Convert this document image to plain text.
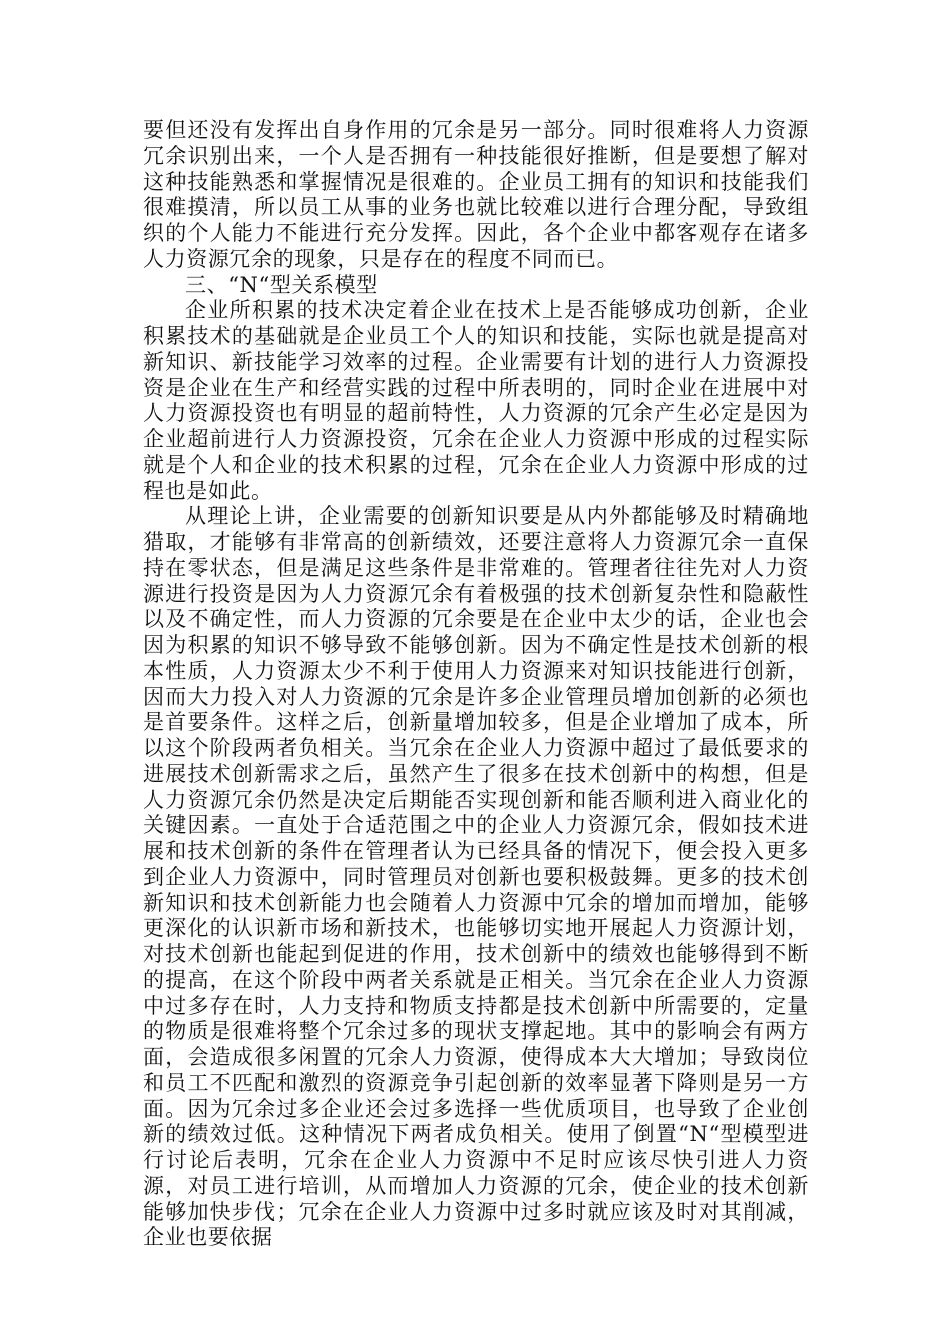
要但还没有发挥出自身作用的冗余是另一部分。同时很难将人力资源冗余识别出来，一个人是否拥有一种技能很好推断，但是要想了解对这种技能熟悉和掌握情况是很难的。企业员工拥有的知识和技能我们很难摸清，所以员工从事的业务也就比较难以进行合理分配，导致组织的个人能力不能进行充分发挥。因此，各个企业中都客观存在诸多人力资源冗余的现象，只是存在的程度不同而已。

三、“N“型关系模型

企业所积累的技术决定着企业在技术上是否能够成功创新，企业积累技术的基础就是企业员工个人的知识和技能，实际也就是提高对新知识、新技能学习效率的过程。企业需要有计划的进行人力资源投资是企业在生产和经营实践的过程中所表明的，同时企业在进展中对人力资源投资也有明显的超前特性，人力资源的冗余产生必定是因为企业超前进行人力资源投资，冗余在企业人力资源中形成的过程实际就是个人和企业的技术积累的过程，冗余在企业人力资源中形成的过程也是如此。

从理论上讲，企业需要的创新知识要是从内外都能够及时精确地猎取，才能够有非常高的创新绩效，还要注意将人力资源冗余一直保持在零状态，但是满足这些条件是非常难的。管理者往往先对人力资源进行投资是因为人力资源冗余有着极强的技术创新复杂性和隐蔽性以及不确定性，而人力资源的冗余要是在企业中太少的话，企业也会因为积累的知识不够导致不能够创新。因为不确定性是技术创新的根本性质，人力资源太少不利于使用人力资源来对知识技能进行创新，因而大力投入对人力资源的冗余是许多企业管理员增加创新的必须也是首要条件。这样之后，创新量增加较多，但是企业增加了成本，所以这个阶段两者负相关。当冗余在企业人力资源中超过了最低要求的进展技术创新需求之后，虽然产生了很多在技术创新中的构想，但是人力资源冗余仍然是决定后期能否实现创新和能否顺利进入商业化的关键因素。一直处于合适范围之中的企业人力资源冗余，假如技术进展和技术创新的条件在管理者认为已经具备的情况下，便会投入更多到企业人力资源中，同时管理员对创新也要积极鼓舞。更多的技术创新知识和技术创新能力也会随着人力资源中冗余的增加而增加，能够更深化的认识新市场和新技术，也能够切实地开展起人力资源计划，对技术创新也能起到促进的作用，技术创新中的绩效也能够得到不断的提高，在这个阶段中两者关系就是正相关。当冗余在企业人力资源中过多存在时，人力支持和物质支持都是技术创新中所需要的，定量的物质是很难将整个冗余过多的现状支撑起地。其中的影响会有两方面，会造成很多闲置的冗余人力资源，使得成本大大增加；导致岗位和员工不匹配和激烈的资源竞争引起创新的效率显著下降则是另一方面。因为冗余过多企业还会过多选择一些优质项目，也导致了企业创新的绩效过低。这种情况下两者成负相关。使用了倒置“N“型模型进行讨论后表明，冗余在企业人力资源中不足时应该尽快引进人力资源，对员工进行培训，从而增加人力资源的冗余，使企业的技术创新能够加快步伐；冗余在企业人力资源中过多时就应该及时对其削减，企业也要依据
